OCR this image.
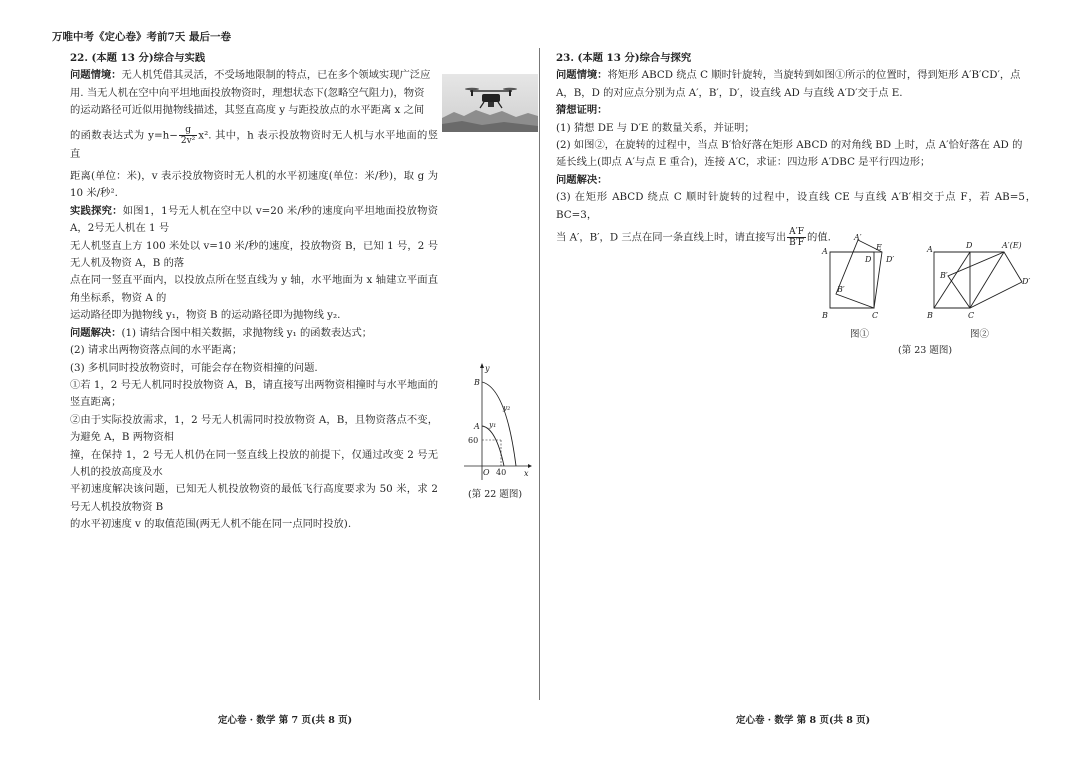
万唯中考《定心卷》考前7天 最后一卷

22. (本题 13 分)综合与实践

问题情境：无人机凭借其灵活，不受场地限制的特点，已在多个领域实现广泛应

用. 当无人机在空中向平坦地面投放物资时，理想状态下(忽略空气阻力)，物资

的运动路径可近似用抛物线描述，其竖直高度 y 与距投放点的水平距离 x 之间

的函数表达式为 $y=h- \frac{g}{\text{2v²}} x^2$. 其中，h 表示投放物资时无人机与水平地面的竖直

距离(单位：米)，v 表示投放物资时无人机的水平初速度(单位：米/秒)，取 g 为 10 米/秒².

实践探究：如图1，1号无人机在空中以 v=20 米/秒的速度向平坦地面投放物资 A，2号无人机在 1 号

无人机竖直上方 100 米处以 v=10 米/秒的速度，投放物资 B，已知 1 号，2 号无人机及物资 A，B 的落

点在同一竖直平面内，以投放点所在竖直线为 y 轴，水平地面为 x 轴建立平面直角坐标系，物资 A 的

运动路径即为抛物线 y₁，物资 B 的运动路径即为抛物线 y₂.

问题解决：(1) 请结合图中相关数据，求抛物线 y₁ 的函数表达式；

(2) 请求出两物资落点间的水平距离；

(3) 多机同时投放物资时，可能会存在物资相撞的问题.

①若 1，2 号无人机同时投放物资 A，B，请直接写出两物资相撞时与水平地面的竖直距离；

②由于实际投放需求，1，2 号无人机需同时投放物资 A，B，且物资落点不变，为避免 A，B 两物资相

撞，在保持 1，2 号无人机仍在同一竖直线上投放的前提下，仅通过改变 2 号无人机的投放高度及水

平初速度解决该问题，已知无人机投放物资的最低飞行高度要求为 50 米，求 2 号无人机投放物资 B

的水平初速度 v 的取值范围(两无人机不能在同一点同时投放).

y
x
B
A
60
O 40
y₁
y₂
(第 22 题图)

23. (本题 13 分)综合与探究

问题情境：将矩形 ABCD 绕点 C 顺时针旋转，当旋转到如图①所示的位置时，得到矩形 A′B′CD′，点

A，B，D 的对应点分别为点 A′，B′，D′，设直线 AD 与直线 A′D′交于点 E.

猜想证明：

(1) 猜想 DE 与 D′E 的数量关系，并证明；

(2) 如图②，在旋转的过程中，当点 B′恰好落在矩形 ABCD 的对角线 BD 上时，点 A′恰好落在 AD 的

延长线上(即点 A′与点 E 重合)，连接 A′C，求证：四边形 A′DBC 是平行四边形；

问题解决：

(3) 在矩形 ABCD 绕点 C 顺时针旋转的过程中，设直线 CE 与直线 A′B′相交于点 F，若 AB=5，BC=3，

当 A′，B′，D 三点在同一条直线上时，请直接写出 $\frac{A'F}{B'F}$ 的值.	A′
A	E
D D′
B′
B	C
图①
A	D	A′(E)
B′
D′
B	C
图②
(第 23 题图)
定心卷 · 数学 第 7 页(共 8 页)	定心卷 · 数学 第 8 页(共 8 页)
